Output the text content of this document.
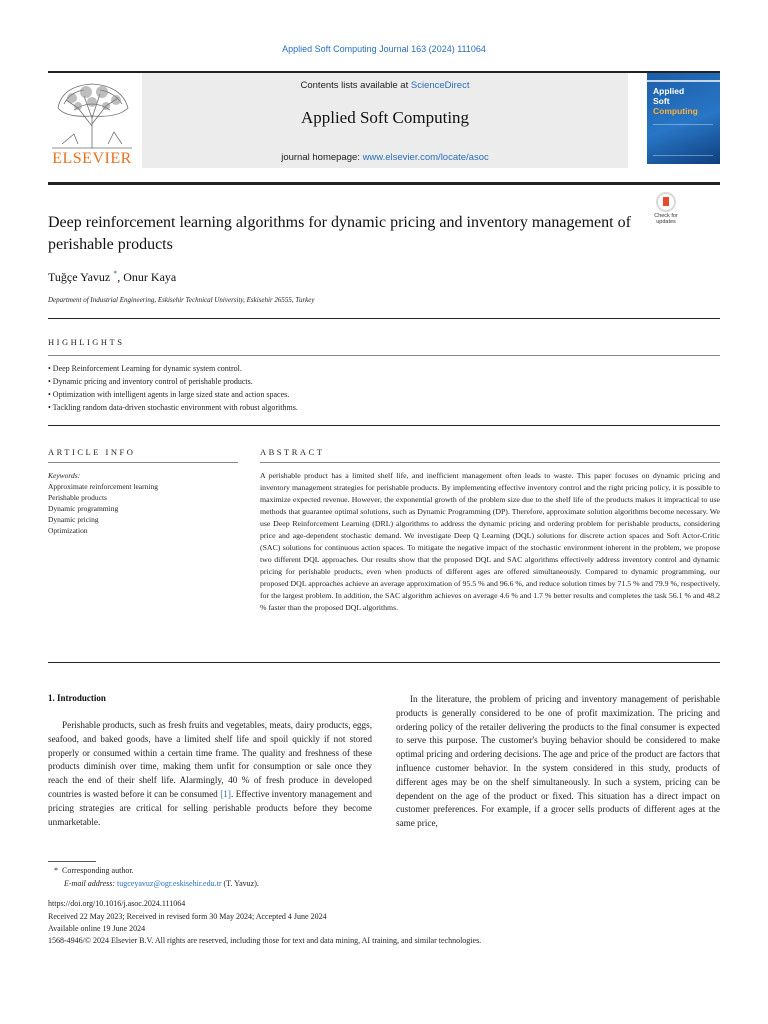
Applied Soft Computing Journal 163 (2024) 111064
ELSEVIER
Contents lists available at ScienceDirect
Applied Soft Computing
journal homepage: www.elsevier.com/locate/asoc
Applied
Soft
Computing
Check for updates
Deep reinforcement learning algorithms for dynamic pricing and inventory management of perishable products
Tuğçe Yavuz *, Onur Kaya
Department of Industrial Engineering, Eskisehir Technical University, Eskisehir 26555, Turkey
HIGHLIGHTS
• Deep Reinforcement Learning for dynamic system control.
• Dynamic pricing and inventory control of perishable products.
• Optimization with intelligent agents in large sized state and action spaces.
• Tackling random data-driven stochastic environment with robust algorithms.
ARTICLE INFO
Keywords:
Approximate reinforcement learning
Perishable products
Dynamic programming
Dynamic pricing
Optimization
ABSTRACT
A perishable product has a limited shelf life, and inefficient management often leads to waste. This paper focuses on dynamic pricing and inventory management strategies for perishable products. By implementing effective inventory control and the right pricing policy, it is possible to maximize expected revenue. However, the exponential growth of the problem size due to the shelf life of the products makes it impractical to use methods that guarantee optimal solutions, such as Dynamic Programming (DP). Therefore, approximate solution algorithms become necessary. We use Deep Reinforcement Learning (DRL) algorithms to address the dynamic pricing and ordering problem for perishable products, considering price and age-dependent stochastic demand. We investigate Deep Q Learning (DQL) solutions for discrete action spaces and Soft Actor-Critic (SAC) solutions for continuous action spaces. To mitigate the negative impact of the stochastic environment inherent in the problem, we propose two different DQL approaches. Our results show that the proposed DQL and SAC algorithms effectively address inventory control and dynamic pricing for perishable products, even when products of different ages are offered simultaneously. Compared to dynamic programming, our proposed DQL approaches achieve an average approximation of 95.5 % and 96.6 %, and reduce solution times by 71.5 % and 79.9 %, respectively, for the largest problem. In addition, the SAC algorithm achieves on average 4.6 % and 1.7 % better results and completes the task 56.1 % and 48.2 % faster than the proposed DQL algorithms.
1. Introduction

Perishable products, such as fresh fruits and vegetables, meats, dairy products, eggs, seafood, and baked goods, have a limited shelf life and spoil quickly if not stored properly or consumed within a certain time frame. The quality and freshness of these products diminish over time, making them unfit for consumption or sale once they reach the end of their shelf life. Alarmingly, 40 % of fresh produce in developed countries is wasted before it can be consumed [1]. Effective inventory management and pricing strategies are critical for selling perishable products before they become unmarketable.

In the literature, the problem of pricing and inventory management of perishable products is generally considered to be one of profit maximization. The pricing and ordering policy of the retailer delivering the products to the final consumer is expected to serve this purpose. The customer's buying behavior should be considered to make optimal pricing and ordering decisions. The age and price of the product are factors that influence customer behavior. In the system considered in this study, products of different ages may be on the shelf simultaneously. In such a system, pricing can be dependent on the age of the product or fixed. This situation has a direct impact on customer preferences. For example, if a grocer sells products of different ages at the same price,

* Corresponding author.
E-mail address: tugceyavuz@ogr.eskisehir.edu.tr (T. Yavuz).
https://doi.org/10.1016/j.asoc.2024.111064
Received 22 May 2023; Received in revised form 30 May 2024; Accepted 4 June 2024
Available online 19 June 2024
1568-4946/© 2024 Elsevier B.V. All rights are reserved, including those for text and data mining, AI training, and similar technologies.
